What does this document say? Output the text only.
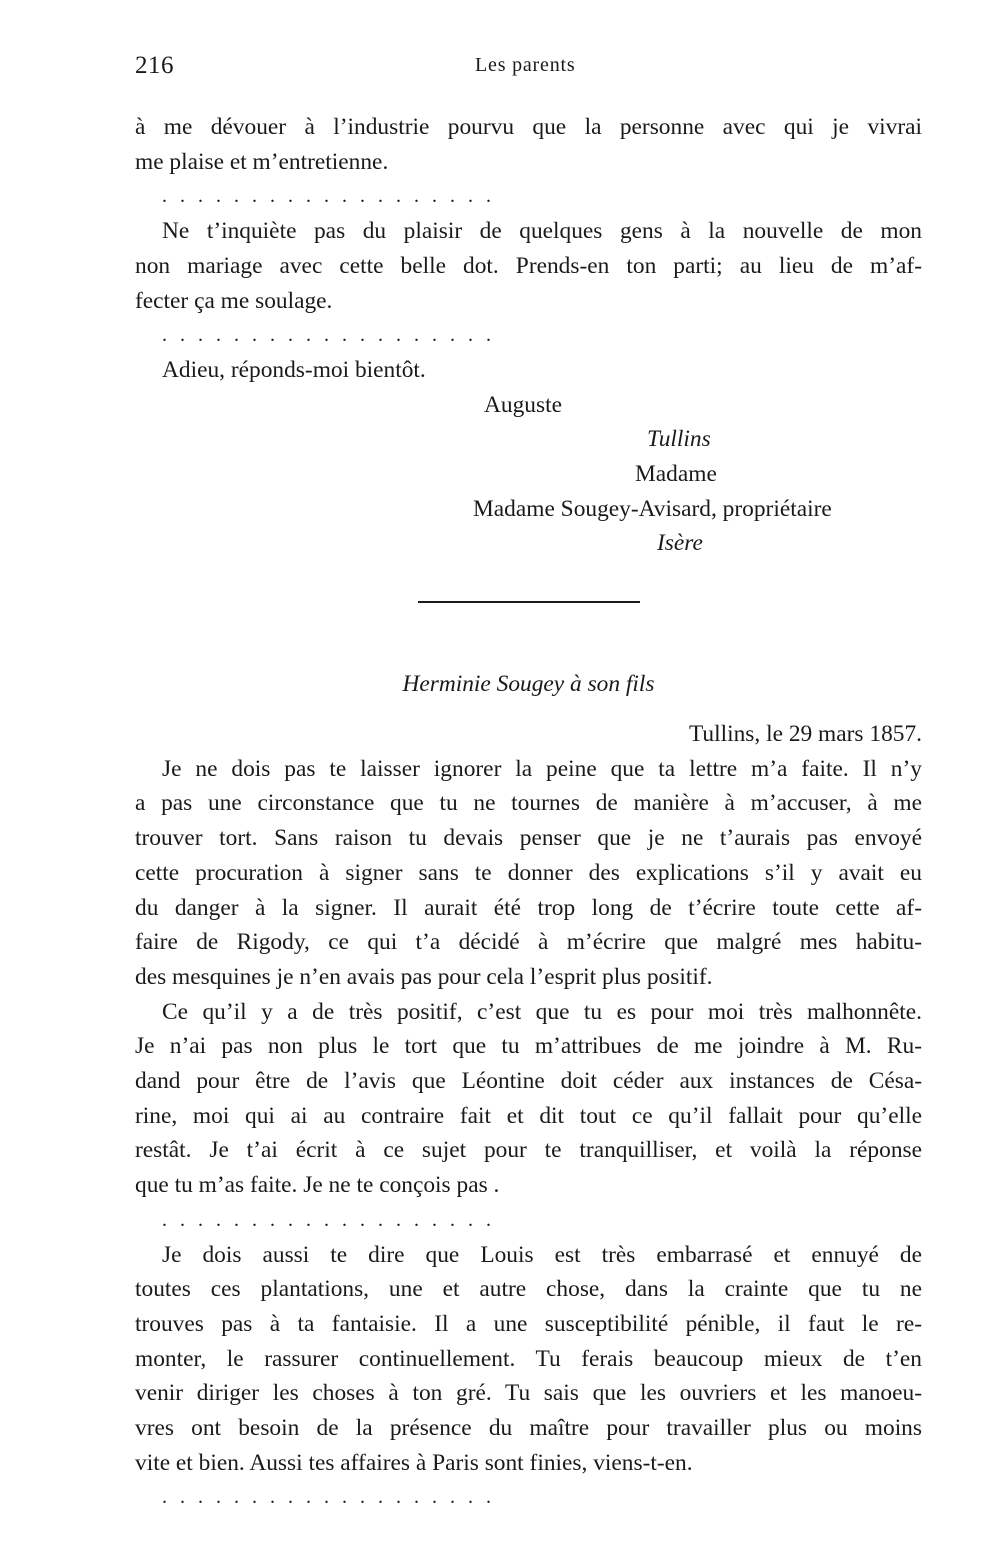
216	Les parents

à me dévouer à l’industrie pourvu que la personne avec qui je vivrai

me plaise et m’entretienne.

. . . . . . . . . . . . . . . . . . .

Ne t’inquiète pas du plaisir de quelques gens à la nouvelle de mon

non mariage avec cette belle dot. Prends-en ton parti; au lieu de m’af-

fecter ça me soulage.

. . . . . . . . . . . . . . . . . . .

Adieu, réponds-moi bientôt.

Auguste
Tullins
Madame
Madame Sougey-Avisard, propriétaire
Isère

Herminie Sougey à son fils

Tullins, le 29 mars 1857.

Je ne dois pas te laisser ignorer la peine que ta lettre m’a faite. Il n’y

a pas une circonstance que tu ne tournes de manière à m’accuser, à me

trouver tort. Sans raison tu devais penser que je ne t’aurais pas envoyé

cette procuration à signer sans te donner des explications s’il y avait eu

du danger à la signer. Il aurait été trop long de t’écrire toute cette af-

faire de Rigody, ce qui t’a décidé à m’écrire que malgré mes habitu-

des mesquines je n’en avais pas pour cela l’esprit plus positif.

Ce qu’il y a de très positif, c’est que tu es pour moi très malhonnête.

Je n’ai pas non plus le tort que tu m’attribues de me joindre à M. Ru-

dand pour être de l’avis que Léontine doit céder aux instances de Césa-

rine, moi qui ai au contraire fait et dit tout ce qu’il fallait pour qu’elle

restât. Je t’ai écrit à ce sujet pour te tranquilliser, et voilà la réponse

que tu m’as faite. Je ne te conçois pas .

. . . . . . . . . . . . . . . . . . .

Je dois aussi te dire que Louis est très embarrasé et ennuyé de

toutes ces plantations, une et autre chose, dans la crainte que tu ne

trouves pas à ta fantaisie. Il a une susceptibilité pénible, il faut le re-

monter, le rassurer continuellement. Tu ferais beaucoup mieux de t’en

venir diriger les choses à ton gré. Tu sais que les ouvriers et les manoeu-

vres ont besoin de la présence du maître pour travailler plus ou moins

vite et bien. Aussi tes affaires à Paris sont finies, viens-t-en.

. . . . . . . . . . . . . . . . . . .
